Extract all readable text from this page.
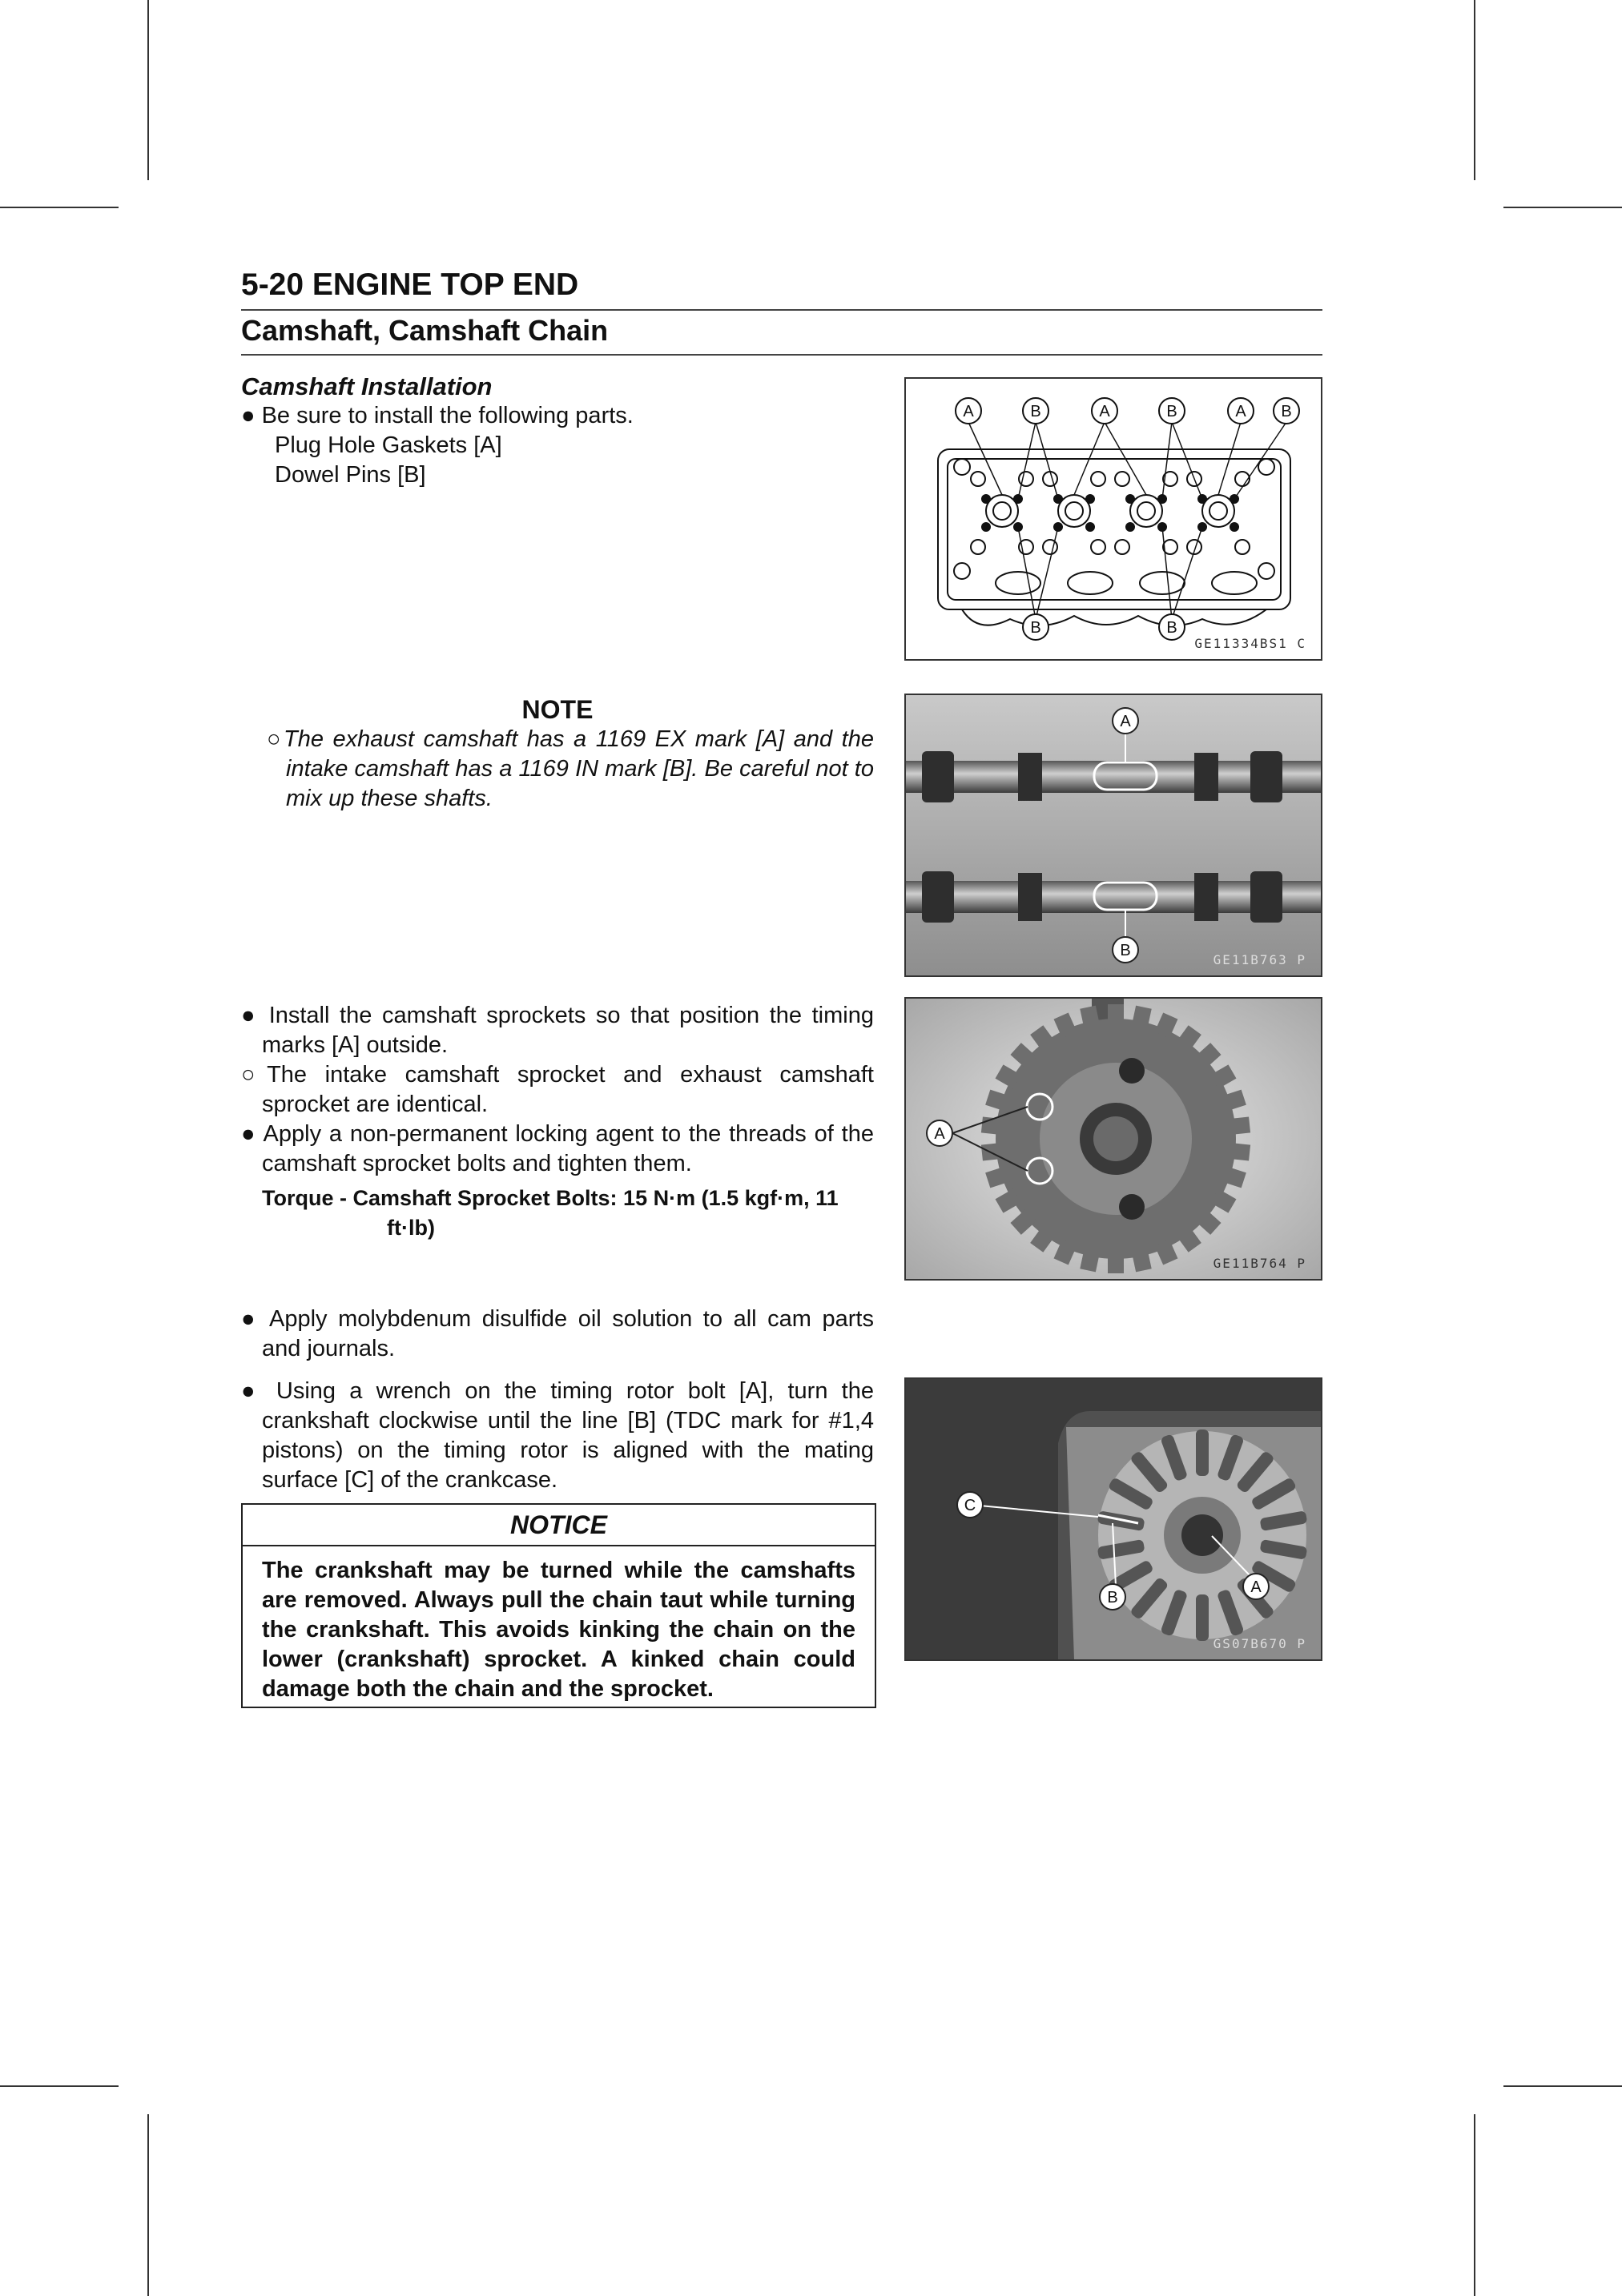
5-20 ENGINE TOP END
Camshaft, Camshaft Chain
Camshaft Installation
● Be sure to install the following parts.
Plug Hole Gaskets [A]
Dowel Pins [B]
A	B	A	B	A B
B	B
GE11334BS1 C
NOTE
○The exhaust camshaft has a 1169 EX mark [A] and the intake camshaft has a 1169 IN mark [B]. Be careful not to mix up these shafts.
A
B
GE11B763 P
● Install the camshaft sprockets so that position the timing marks [A] outside.
○The intake camshaft sprocket and exhaust camshaft sprocket are identical.
● Apply a non-permanent locking agent to the threads of the camshaft sprocket bolts and tighten them.
Torque - Camshaft Sprocket Bolts: 15 N·m (1.5 kgf·m, 11
ft·lb)
A
GE11B764 P
● Apply molybdenum disulfide oil solution to all cam parts and journals.
● Using a wrench on the timing rotor bolt [A], turn the crankshaft clockwise until the line [B] (TDC mark for #1,4 pistons) on the timing rotor is aligned with the mating surface [C] of the crankcase.
NOTICE
The crankshaft may be turned while the camshafts are removed. Always pull the chain taut while turning the crankshaft. This avoids kinking the chain on the lower (crankshaft) sprocket. A kinked chain could damage both the chain and the sprocket.
C
B
A
GS07B670 P
